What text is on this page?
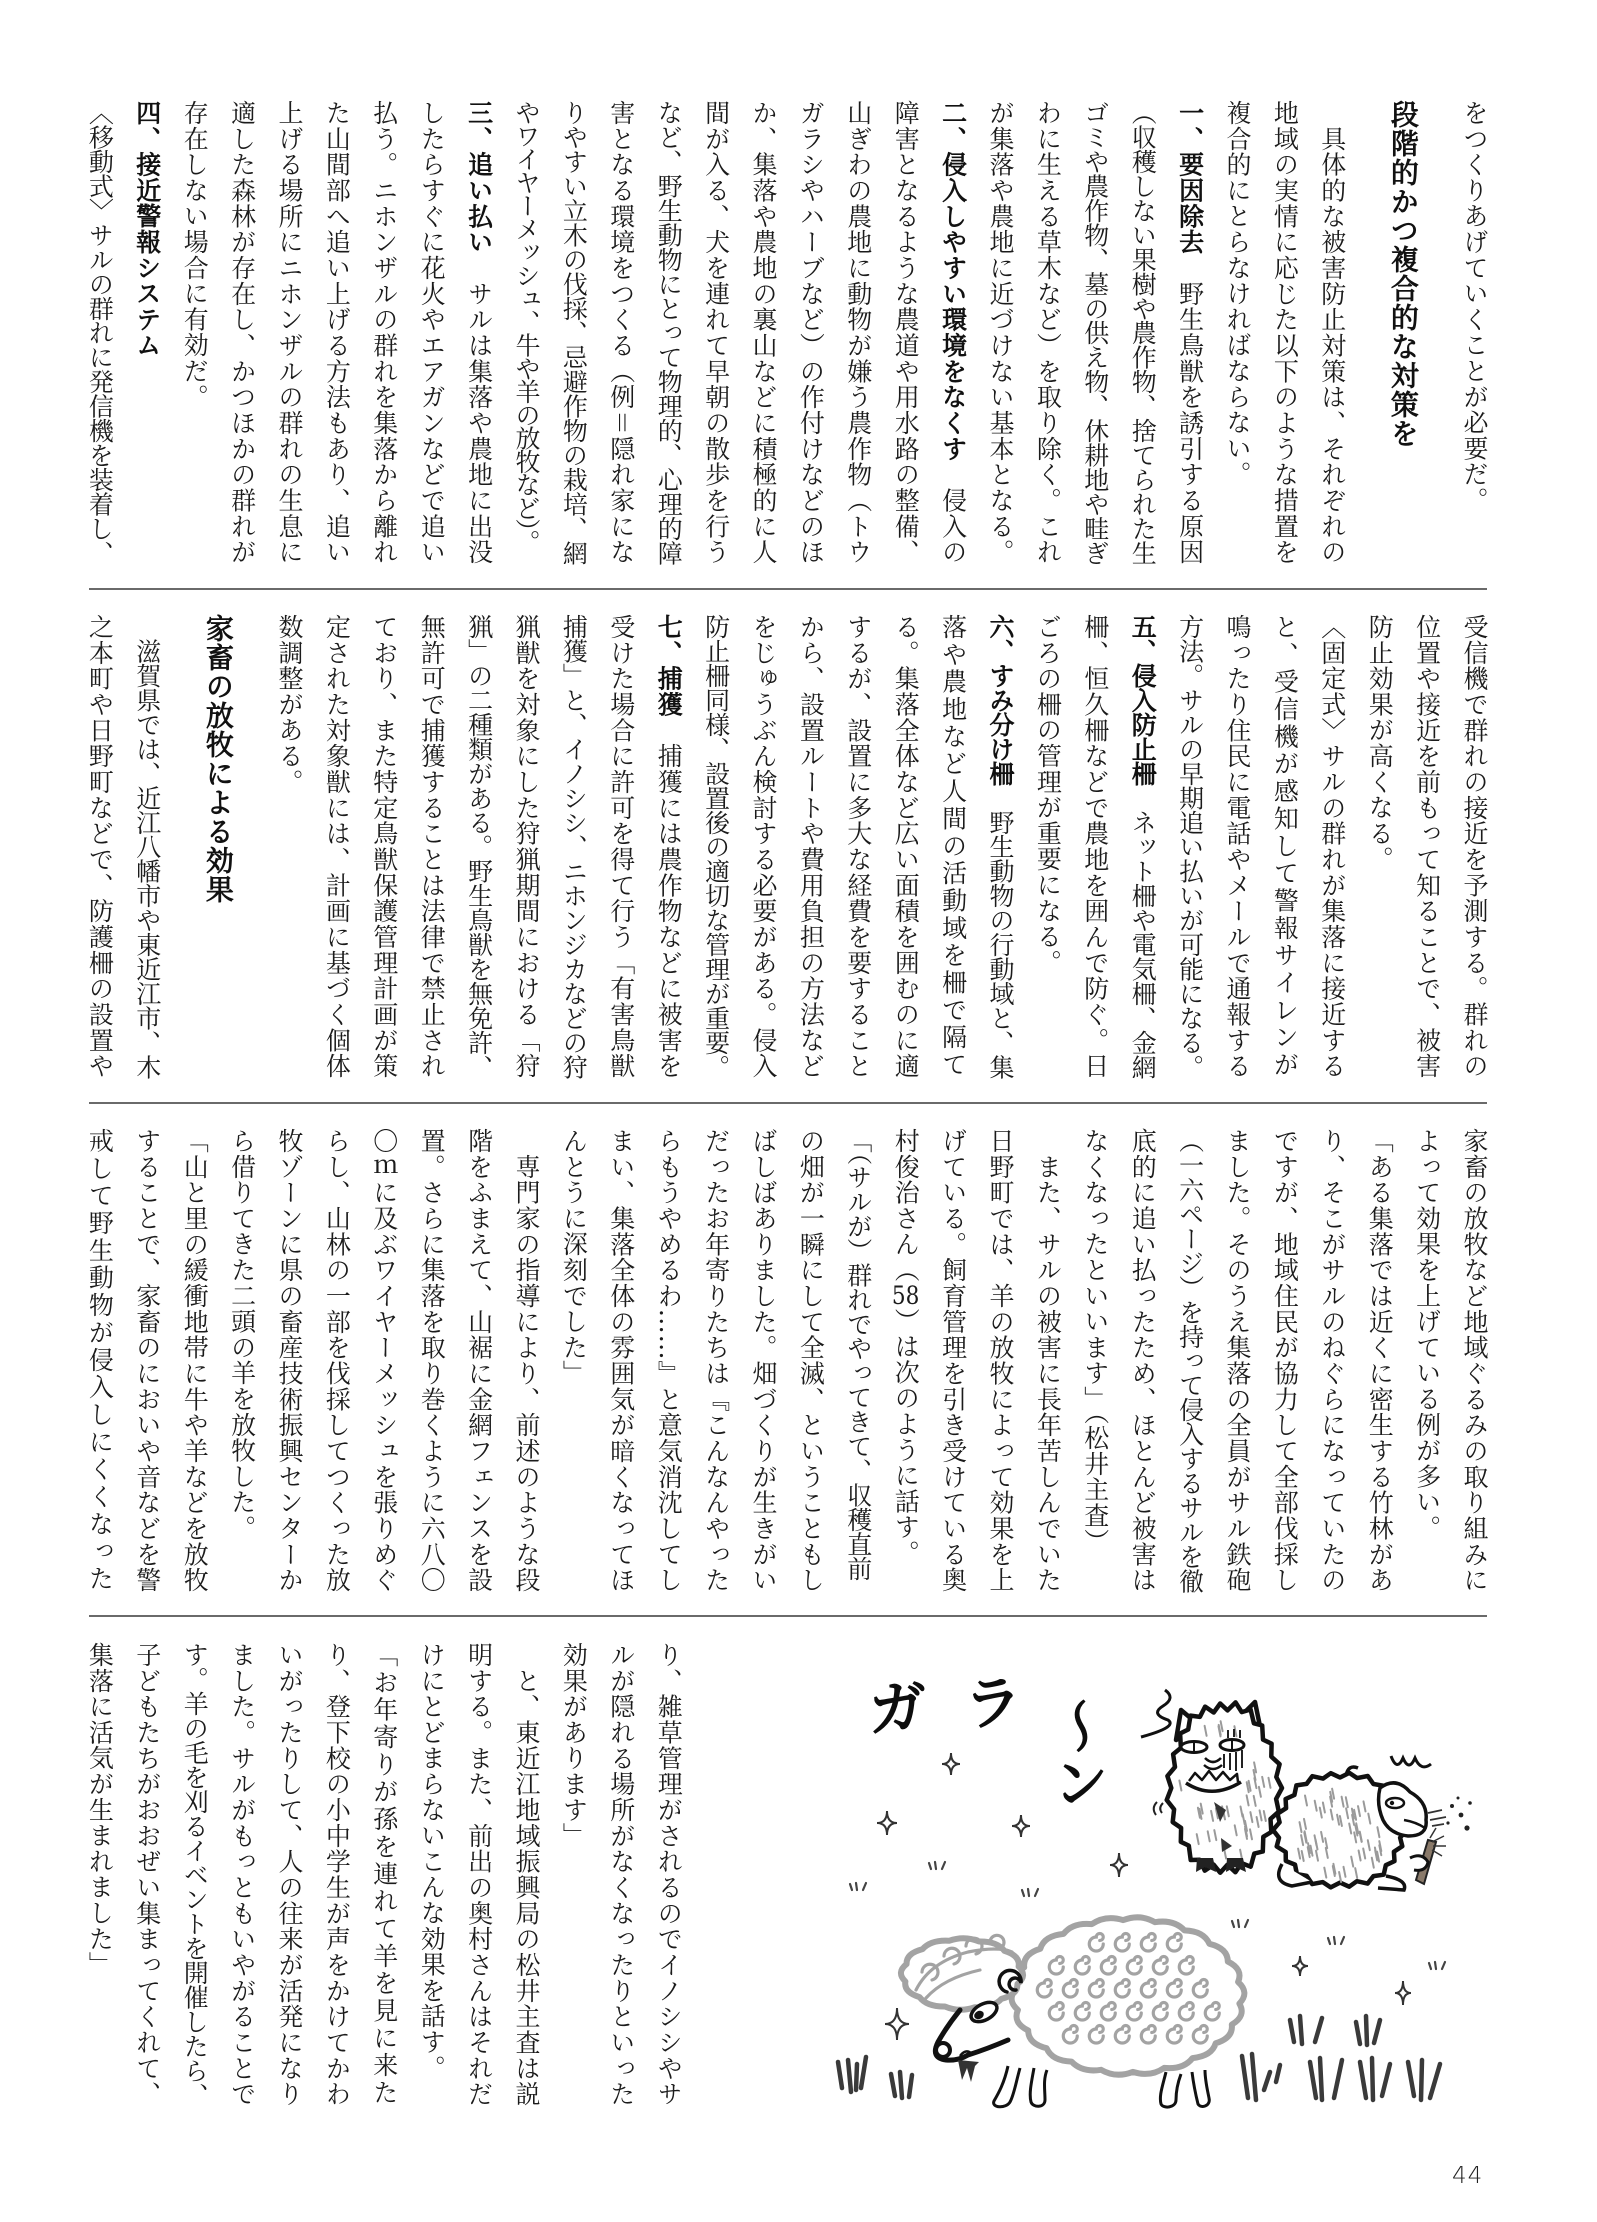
をつくりあげていくことが必要だ。
段階的かつ複合的な対策を
　具体的な被害防止対策は、それぞれの
地域の実情に応じた以下のような措置を
複合的にとらなければならない。
一、要因除去　野生鳥獣を誘引する原因
（収穫しない果樹や農作物、捨てられた生
ゴミや農作物、墓の供え物、休耕地や畦ぎ
わに生える草木など）を取り除く。これ
が集落や農地に近づけない基本となる。
二、侵入しやすい環境をなくす　侵入の
障害となるような農道や用水路の整備、
山ぎわの農地に動物が嫌う農作物（トウ
ガラシやハーブなど）の作付けなどのほ
か、集落や農地の裏山などに積極的に人
間が入る、犬を連れて早朝の散歩を行う
など、野生動物にとって物理的、心理的障
害となる環境をつくる（例＝隠れ家にな
りやすい立木の伐採、忌避作物の栽培、網
やワイヤーメッシュ、牛や羊の放牧など）。
三、追い払い　サルは集落や農地に出没
したらすぐに花火やエアガンなどで追い
払う。ニホンザルの群れを集落から離れ
た山間部へ追い上げる方法もあり、追い
上げる場所にニホンザルの群れの生息に
適した森林が存在し、かつほかの群れが
存在しない場合に有効だ。
四、接近警報システム
〈移動式〉サルの群れに発信機を装着し、
受信機で群れの接近を予測する。群れの
位置や接近を前もって知ることで、被害
防止効果が高くなる。
〈固定式〉サルの群れが集落に接近する
と、受信機が感知して警報サイレンが
鳴ったり住民に電話やメールで通報する
方法。サルの早期追い払いが可能になる。
五、侵入防止柵　ネット柵や電気柵、金網
柵、恒久柵などで農地を囲んで防ぐ。日
ごろの柵の管理が重要になる。
六、すみ分け柵　野生動物の行動域と、集
落や農地など人間の活動域を柵で隔て
る。集落全体など広い面積を囲むのに適
するが、設置に多大な経費を要すること
から、設置ルートや費用負担の方法など
をじゅうぶん検討する必要がある。侵入
防止柵同様、設置後の適切な管理が重要。
七、捕獲　捕獲には農作物などに被害を
受けた場合に許可を得て行う「有害鳥獣
捕獲」と、イノシシ、ニホンジカなどの狩
猟獣を対象にした狩猟期間における「狩
猟」の二種類がある。野生鳥獣を無免許、
無許可で捕獲することは法律で禁止され
ており、また特定鳥獣保護管理計画が策
定された対象獣には、計画に基づく個体
数調整がある。
家畜の放牧による効果
　滋賀県では、近江八幡市や東近江市、木
之本町や日野町などで、防護柵の設置や
家畜の放牧など地域ぐるみの取り組みに
よって効果を上げている例が多い。
「ある集落では近くに密生する竹林があ
り、そこがサルのねぐらになっていたの
ですが、地域住民が協力して全部伐採し
ました。そのうえ集落の全員がサル鉄砲
（一六ページ）を持って侵入するサルを徹
底的に追い払ったため、ほとんど被害は
なくなったといいます」（松井主査）
　また、サルの被害に長年苦しんでいた
日野町では、羊の放牧によって効果を上
げている。飼育管理を引き受けている奥
村俊治さん（58）は次のように話す。
「（サルが）群れでやってきて、収穫直前
の畑が一瞬にして全滅、ということもし
ばしばありました。畑づくりが生きがい
だったお年寄りたちは『こんなんやった
らもうやめるわ……』と意気消沈してし
まい、集落全体の雰囲気が暗くなってほ
んとうに深刻でした」
　専門家の指導により、前述のような段
階をふまえて、山裾に金網フェンスを設
置。さらに集落を取り巻くように六八〇
〇ｍに及ぶワイヤーメッシュを張りめぐ
らし、山林の一部を伐採してつくった放
牧ゾーンに県の畜産技術振興センターか
ら借りてきた二頭の羊を放牧した。
「山と里の緩衝地帯に牛や羊などを放牧
することで、家畜のにおいや音などを警
戒して野生動物が侵入しにくくなった
り、雑草管理がされるのでイノシシやサ
ルが隠れる場所がなくなったりといった
効果があります」
　と、東近江地域振興局の松井主査は説
明する。また、前出の奥村さんはそれだ
けにとどまらないこんな効果を話す。
「お年寄りが孫を連れて羊を見に来た
り、登下校の小中学生が声をかけてかわ
いがったりして、人の往来が活発になり
ました。サルがもっともいやがることで
す。羊の毛を刈るイベントを開催したら、
子どもたちがおおぜい集まってくれて、
集落に活気が生まれました」	ガラ
〜ン
44
